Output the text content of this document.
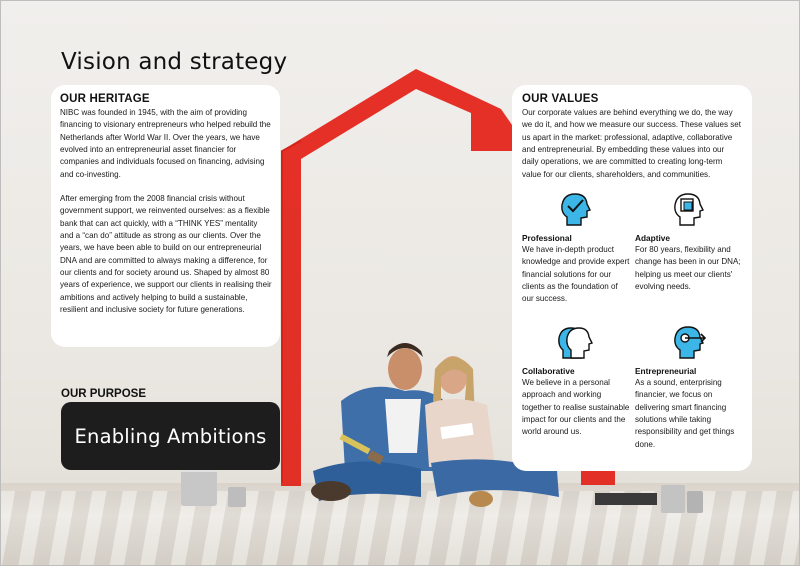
Vision and strategy
OUR HERITAGE

NIBC was founded in 1945, with the aim of providing financing to visionary entrepreneurs who helped rebuild the Netherlands after World War II. Over the years, we have evolved into an entrepreneurial asset financier for companies and individuals focused on financing, advising and co-investing.

After emerging from the 2008 financial crisis without government support, we reinvented ourselves: as a flexible bank that can act quickly, with a “THINK YES” mentality and a “can do” attitude as strong as our clients. Over the years, we have been able to build on our entrepreneurial DNA and are committed to always making a difference, for our clients and for society around us. Shaped by almost 80 years of experience, we support our clients in realising their ambitions and actively helping to build a sustainable, resilient and inclusive society for future generations.

OUR PURPOSE
Enabling Ambitions
OUR VALUES

Our corporate values are behind everything we do, the way we do it, and how we measure our success. These values set us apart in the market: professional, adaptive, collaborative and entrepreneurial. By embedding these values into our daily operations, we are committed to creating long-term value for our clients, shareholders, and communities.

Professional

We have in-depth product knowledge and provide expert financial solutions for our clients as the foundation of our success.

Adaptive

For 80 years, flexibility and change has been in our DNA; helping us meet our clients' evolving needs.

Collaborative

We believe in a personal approach and working together to realise sustainable impact for our clients and the world around us.

Entrepreneurial

As a sound, enterprising financier, we focus on delivering smart financing solutions while taking responsibility and get things done.
